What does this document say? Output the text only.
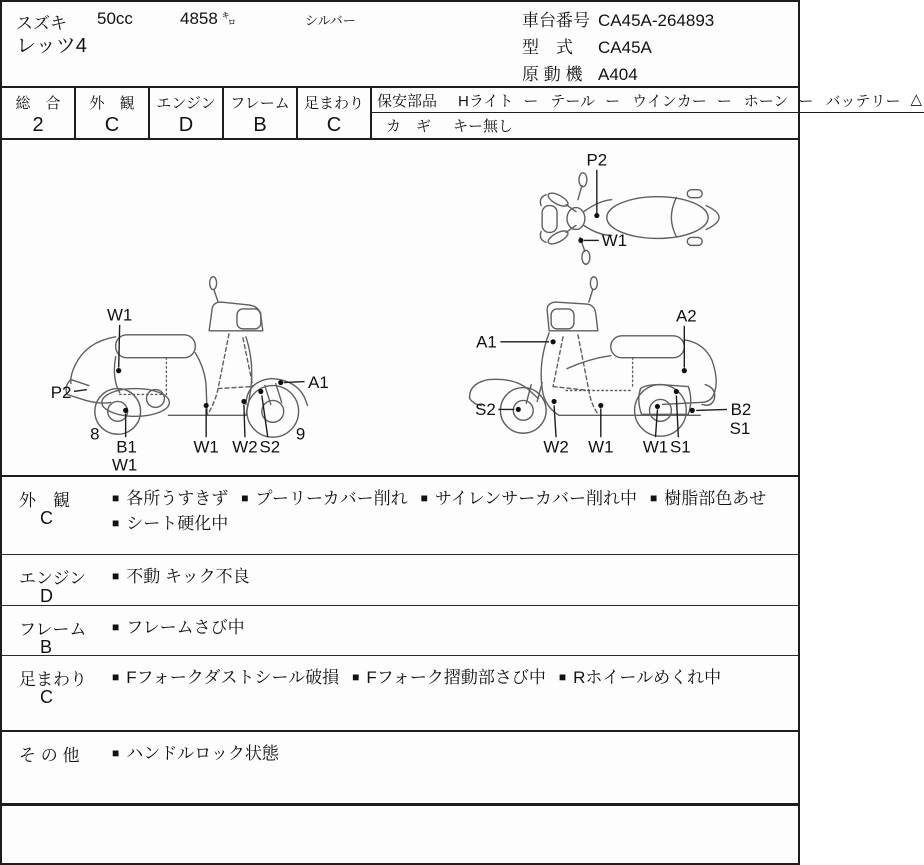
スズキ 50cc	4858 ㌔	シルバー
レッツ4
車台番号 CA45A-264893
型　式 CA45A
原 動 機 A404
総　合
2
外　観
C
エンジン
D
フレーム
B
足まわり
C
保安部品 Hライト ー テール ー ウインカー ー ホーン ー バッテリー △
カ　ギ キー無し
P2
W1
W1
P2
A1
8
B1
W1
W1 W2 S2
9
A1
A2
S2	B2
S1
W2 W1 W1 S1
外　観
C
■ 各所うすきず ■ プーリーカバー削れ ■ サイレンサーカバー削れ中 ■ 樹脂部色あせ■ シート硬化中
エンジン
D
■ 不動 キック不良
フレーム
B
■ フレームさび中
足まわり
C
■ Fフォークダストシール破損 ■ Fフォーク摺動部さび中 ■ Rホイールめくれ中
そ の 他	■ ハンドルロック状態
